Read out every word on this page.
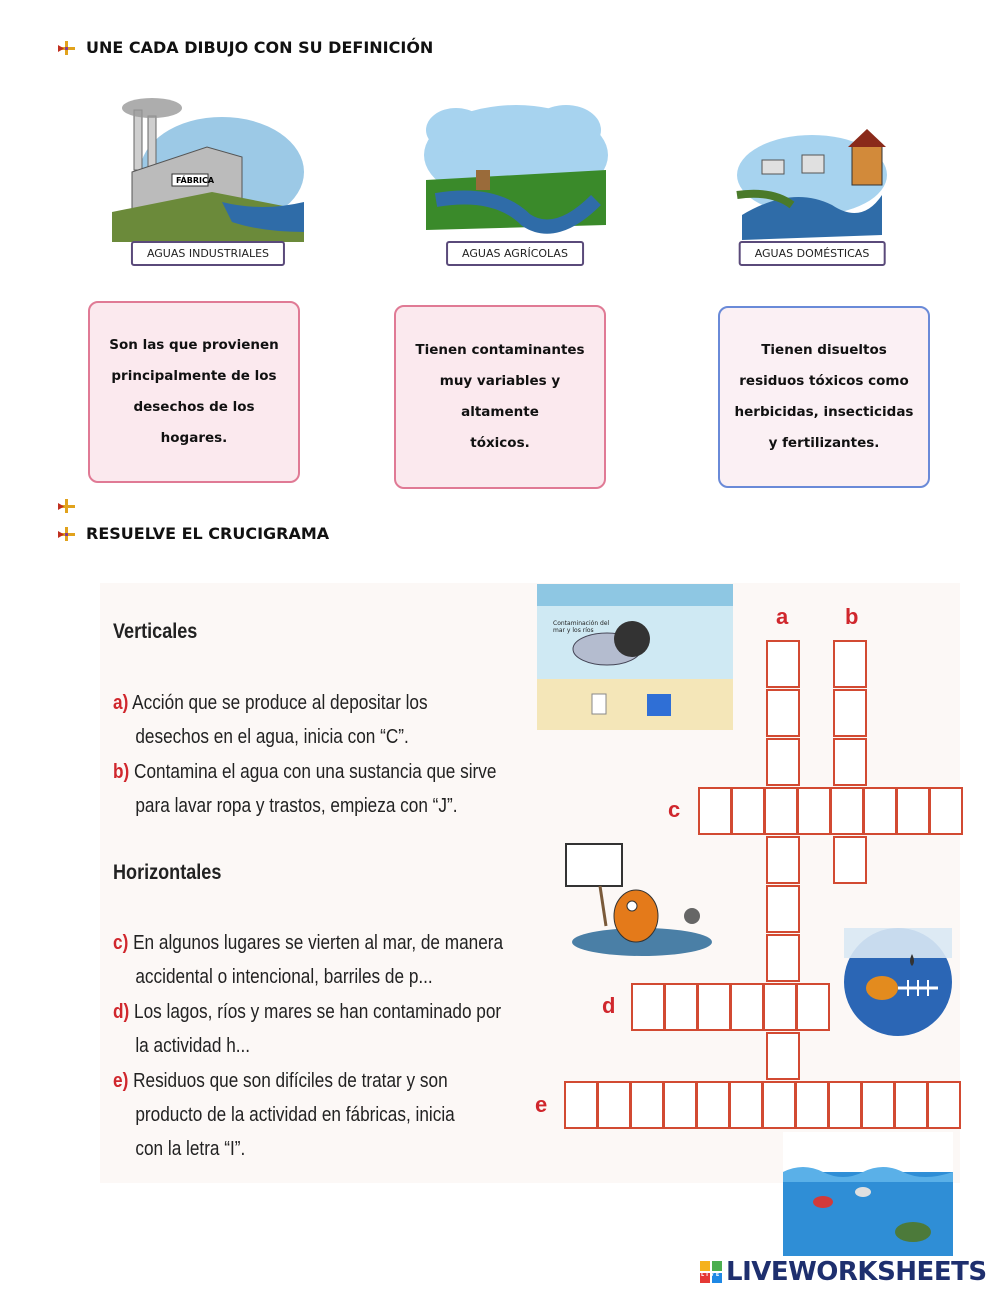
UNE CADA DIBUJO CON SU DEFINICIÓN
FÁBRICA
AGUAS INDUSTRIALES	AGUAS AGRÍCOLAS	AGUAS DOMÉSTICAS
Son las que provienen
principalmente de los
desechos de los
hogares.
Tienen contaminantes
muy variables y
altamente
tóxicos.
Tienen disueltos
residuos tóxicos como
herbicidas, insecticidas
y fertilizantes.
RESUELVE EL CRUCIGRAMA
Verticales
a) Acción que se produce al depositar los
desechos en el agua, inicia con “C”.
b) Contamina el agua con una sustancia que sirve
para lavar ropa y trastos, empieza con “J”.
Horizontales
c) En algunos lugares se vierten al mar, de manera
accidental o intencional, barriles de p...
d) Los lagos, ríos y mares se han contaminado por
la actividad h...
e) Residuos que son difíciles de tratar y son
producto de la actividad en fábricas, inicia
con la letra “I”.
a	b
c
d
e
Contaminación del mar y los ríos
LIVE LIVEWORKSHEETS
